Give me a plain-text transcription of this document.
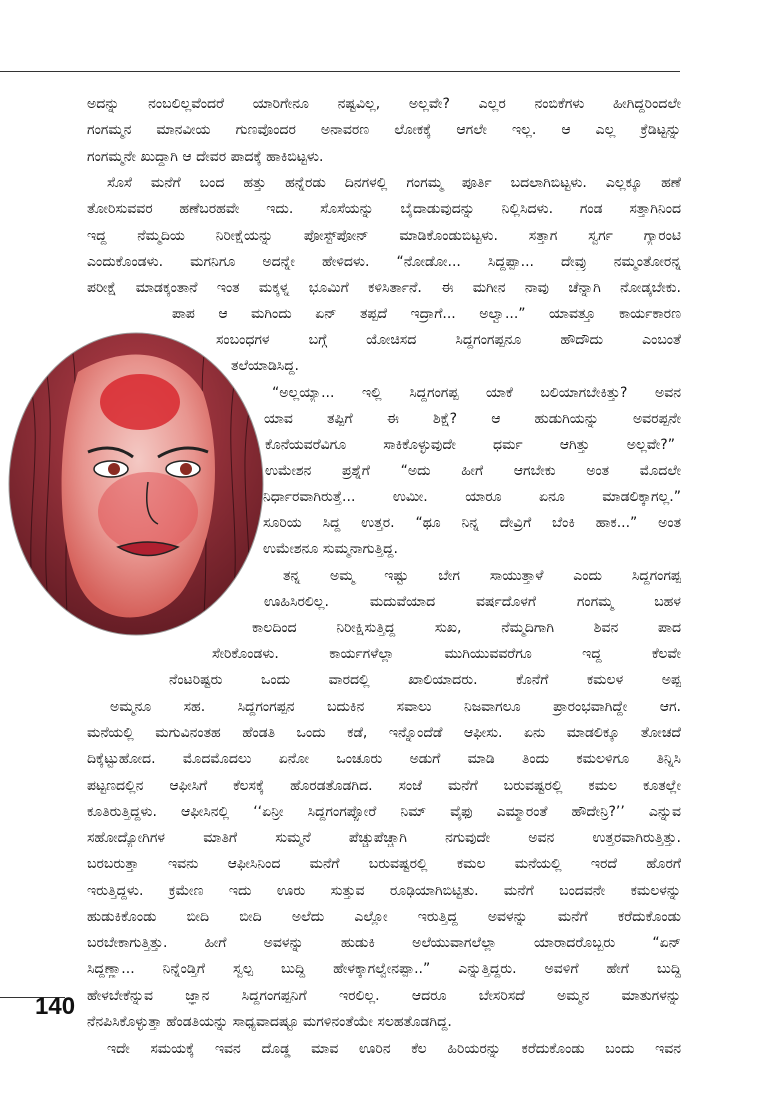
ಅದನ್ನು ನಂಬಲಿಲ್ಲವೆಂದರೆ ಯಾರಿಗೇನೂ ನಷ್ಟವಿಲ್ಲ, ಅಲ್ಲವೇ? ಎಲ್ಲರ ನಂಬಿಕೆಗಳು ಹೀಗಿದ್ದರಿಂದಲೇ
ಗಂಗಮ್ಮನ ಮಾನವೀಯ ಗುಣವೊಂದರ ಅನಾವರಣ ಲೋಕಕ್ಕೆ ಆಗಲೇ ಇಲ್ಲ. ಆ ಎಲ್ಲ ಕ್ರೆಡಿಟ್ಟನ್ನು
ಗಂಗಮ್ಮನೇ ಖುದ್ದಾಗಿ ಆ ದೇವರ ಪಾದಕ್ಕೆ ಹಾಕಿಬಿಟ್ಟಳು.
ಸೊಸೆ ಮನೆಗೆ ಬಂದ ಹತ್ತು ಹನ್ನೆರಡು ದಿನಗಳಲ್ಲಿ ಗಂಗಮ್ಮ ಪೂರ್ತಿ ಬದಲಾಗಿಬಿಟ್ಟಳು. ಎಲ್ಲಕ್ಕೂ ಹಣೆ
ತೋರಿಸುವವರ ಹಣೆಬರಹವೇ ಇದು. ಸೊಸೆಯನ್ನು ಬೈದಾಡುವುದನ್ನು ನಿಲ್ಲಿಸಿದಳು. ಗಂಡ ಸತ್ತಾಗಿನಿಂದ
ಇದ್ದ ನೆಮ್ಮದಿಯ ನಿರೀಕ್ಷೆಯನ್ನು ಪೋಸ್ಟ್‌ಪೋನ್ ಮಾಡಿಕೊಂಡುಬಿಟ್ಟಳು. ಸತ್ತಾಗ ಸ್ವರ್ಗ ಗ್ಯಾರಂಟಿ
ಎಂದುಕೊಂಡಳು. ಮಗನಿಗೂ ಅದನ್ನೇ ಹೇಳಿದಳು. “ನೋಡೋ... ಸಿದ್ದಪ್ಪಾ... ದೇವ್ರು ನಮ್ಮಂತೋರನ್ನ
ಪರೀಕ್ಷೆ ಮಾಡಕ್ಕಂತಾನೆ ಇಂತ ಮಕ್ಕಳ್ನ ಭೂಮಿಗೆ ಕಳಿಸಿರ್ತಾನೆ. ಈ ಮಗೀನ ನಾವು ಚೆನ್ನಾಗಿ ನೋಡ್ಕಬೇಕು.
ಪಾಪ ಆ ಮಗಿಂದು ಏನ್ ತಪ್ಪದೆ ಇದ್ರಾಗೆ... ಅಲ್ವಾ...” ಯಾವತ್ತೂ ಕಾರ್ಯಕಾರಣ
ಸಂಬಂಧಗಳ ಬಗ್ಗೆ ಯೋಚಿಸದ ಸಿದ್ದಗಂಗಪ್ಪನೂ ಹೌದೌದು ಎಂಬಂತೆ
ತಲೆಯಾಡಿಸಿದ್ದ.
“ಅಲ್ಲಯ್ಯಾ... ಇಲ್ಲಿ ಸಿದ್ದಗಂಗಪ್ಪ ಯಾಕೆ ಬಲಿಯಾಗಬೇಕಿತ್ತು? ಅವನ
ಯಾವ ತಪ್ಪಿಗೆ ಈ ಶಿಕ್ಷೆ? ಆ ಹುಡುಗಿಯನ್ನು ಅವರಪ್ಪನೇ
ಕೊನೆಯವರೆವಿಗೂ ಸಾಕಿಕೊಳ್ಳುವುದೇ ಧರ್ಮ ಆಗಿತ್ತು ಅಲ್ಲವೇ?”
ಉಮೇಶನ ಪ್ರಶ್ನೆಗೆ “ಅದು ಹೀಗೆ ಆಗಬೇಕು ಅಂತ ಮೊದಲೇ
ನಿರ್ಧಾರವಾಗಿರುತ್ತೆ... ಉಮೀ. ಯಾರೂ ಏನೂ ಮಾಡಲಿಕ್ಕಾಗಲ್ಲ.”
ಸೂರಿಯ ಸಿದ್ದ ಉತ್ತರ. “ಥೂ ನಿನ್ನ ದೇವ್ರಿಗೆ ಬೆಂಕಿ ಹಾಕ...” ಅಂತ
ಉಮೇಶನೂ ಸುಮ್ಮನಾಗುತ್ತಿದ್ದ.
ತನ್ನ ಅಮ್ಮ ಇಷ್ಟು ಬೇಗ ಸಾಯುತ್ತಾಳೆ ಎಂದು ಸಿದ್ದಗಂಗಪ್ಪ
ಊಹಿಸಿರಲಿಲ್ಲ. ಮದುವೆಯಾದ ವರ್ಷದೊಳಗೆ ಗಂಗಮ್ಮ ಬಹಳ
ಕಾಲದಿಂದ ನಿರೀಕ್ಷಿಸುತ್ತಿದ್ದ ಸುಖ, ನೆಮ್ಮದಿಗಾಗಿ ಶಿವನ ಪಾದ
ಸೇರಿಕೊಂಡಳು. ಕಾರ್ಯಗಳೆಲ್ಲಾ ಮುಗಿಯುವವರೆಗೂ ಇದ್ದ ಕೆಲವೇ
ನೆಂಟರಿಷ್ಟರು ಒಂದು ವಾರದಲ್ಲಿ ಖಾಲಿಯಾದರು. ಕೊನೆಗೆ ಕಮಲಳ ಅಪ್ಪ
ಅಮ್ಮನೂ ಸಹ. ಸಿದ್ದಗಂಗಪ್ಪನ ಬದುಕಿನ ಸವಾಲು ನಿಜವಾಗಲೂ ಪ್ರಾರಂಭವಾಗಿದ್ದೇ ಆಗ.
ಮನೆಯಲ್ಲಿ ಮಗುವಿನಂತಹ ಹೆಂಡತಿ ಒಂದು ಕಡೆ, ಇನ್ನೊಂದೆಡೆ ಆಫೀಸು. ಏನು ಮಾಡಲಿಕ್ಕೂ ತೋಚದೆ
ದಿಕ್ಕೆಟ್ಟುಹೋದ. ಮೊದಮೊದಲು ಏನೋ ಒಂಚೂರು ಅಡುಗೆ ಮಾಡಿ ತಿಂದು ಕಮಲಳಿಗೂ ತಿನ್ನಿಸಿ
ಪಟ್ಟಣದಲ್ಲಿನ ಆಫೀಸಿಗೆ ಕೆಲಸಕ್ಕೆ ಹೊರಡತೊಡಗಿದ. ಸಂಜೆ ಮನೆಗೆ ಬರುವಷ್ಟರಲ್ಲಿ ಕಮಲ ಕೂತಲ್ಲೇ
ಕೂತಿರುತ್ತಿದ್ದಳು. ಆಫೀಸಿನಲ್ಲಿ ‘‘ಏನ್ರೀ ಸಿದ್ದಗಂಗಪ್ನೋರೆ ನಿಮ್ ವೈಫು ಎಮ್ಮಾರಂತೆ ಹೌದೇನ್ರಿ?’’ ಎನ್ನುವ
ಸಹೋದ್ಯೋಗಿಗಳ ಮಾತಿಗೆ ಸುಮ್ಮನೆ ಪೆಚ್ಚುಪೆಚ್ಚಾಗಿ ನಗುವುದೇ ಅವನ ಉತ್ತರವಾಗಿರುತ್ತಿತ್ತು.
ಬರಬರುತ್ತಾ ಇವನು ಆಫೀಸಿನಿಂದ ಮನೆಗೆ ಬರುವಷ್ಟರಲ್ಲಿ ಕಮಲ ಮನೆಯಲ್ಲಿ ಇರದೆ ಹೊರಗೆ
ಇರುತ್ತಿದ್ದಳು. ಕ್ರಮೇಣ ಇದು ಊರು ಸುತ್ತುವ ರೂಢಿಯಾಗಿಬಿಟ್ಟಿತು. ಮನೆಗೆ ಬಂದವನೇ ಕಮಲಳನ್ನು
ಹುಡುಕಿಕೊಂಡು ಬೀದಿ ಬೀದಿ ಅಲೆದು ಎಲ್ಲೋ ಇರುತ್ತಿದ್ದ ಅವಳನ್ನು ಮನೆಗೆ ಕರೆದುಕೊಂಡು
ಬರಬೇಕಾಗುತ್ತಿತ್ತು. ಹೀಗೆ ಅವಳನ್ನು ಹುಡುಕಿ ಅಲೆಯುವಾಗಲೆಲ್ಲಾ ಯಾರಾದರೊಬ್ಬರು “ಏನ್
ಸಿದ್ದಣ್ಣಾ... ನಿನ್ನೆಂಡ್ತಿಗೆ ಸ್ವಲ್ಪ ಬುದ್ಧಿ ಹೇಳಕ್ಕಾಗಲ್ವೇನಪ್ಪಾ..” ಎನ್ನುತ್ತಿದ್ದರು. ಅವಳಿಗೆ ಹೇಗೆ ಬುದ್ಧಿ
ಹೇಳಬೇಕೆನ್ನುವ ಜ್ಞಾನ ಸಿದ್ದಗಂಗಪ್ಪನಿಗೆ ಇರಲಿಲ್ಲ. ಆದರೂ ಬೇಸರಿಸದೆ ಅಮ್ಮನ ಮಾತುಗಳನ್ನು
ನೆನಪಿಸಿಕೊಳ್ಳುತ್ತಾ ಹೆಂಡತಿಯನ್ನು ಸಾಧ್ಯವಾದಷ್ಟೂ ಮಗಳಿನಂತೆಯೇ ಸಲಹತೊಡಗಿದ್ದ.
ಇದೇ ಸಮಯಕ್ಕೆ ಇವನ ದೊಡ್ಡ ಮಾವ ಊರಿನ ಕೆಲ ಹಿರಿಯರನ್ನು ಕರೆದುಕೊಂಡು ಬಂದು ಇವನ
140
